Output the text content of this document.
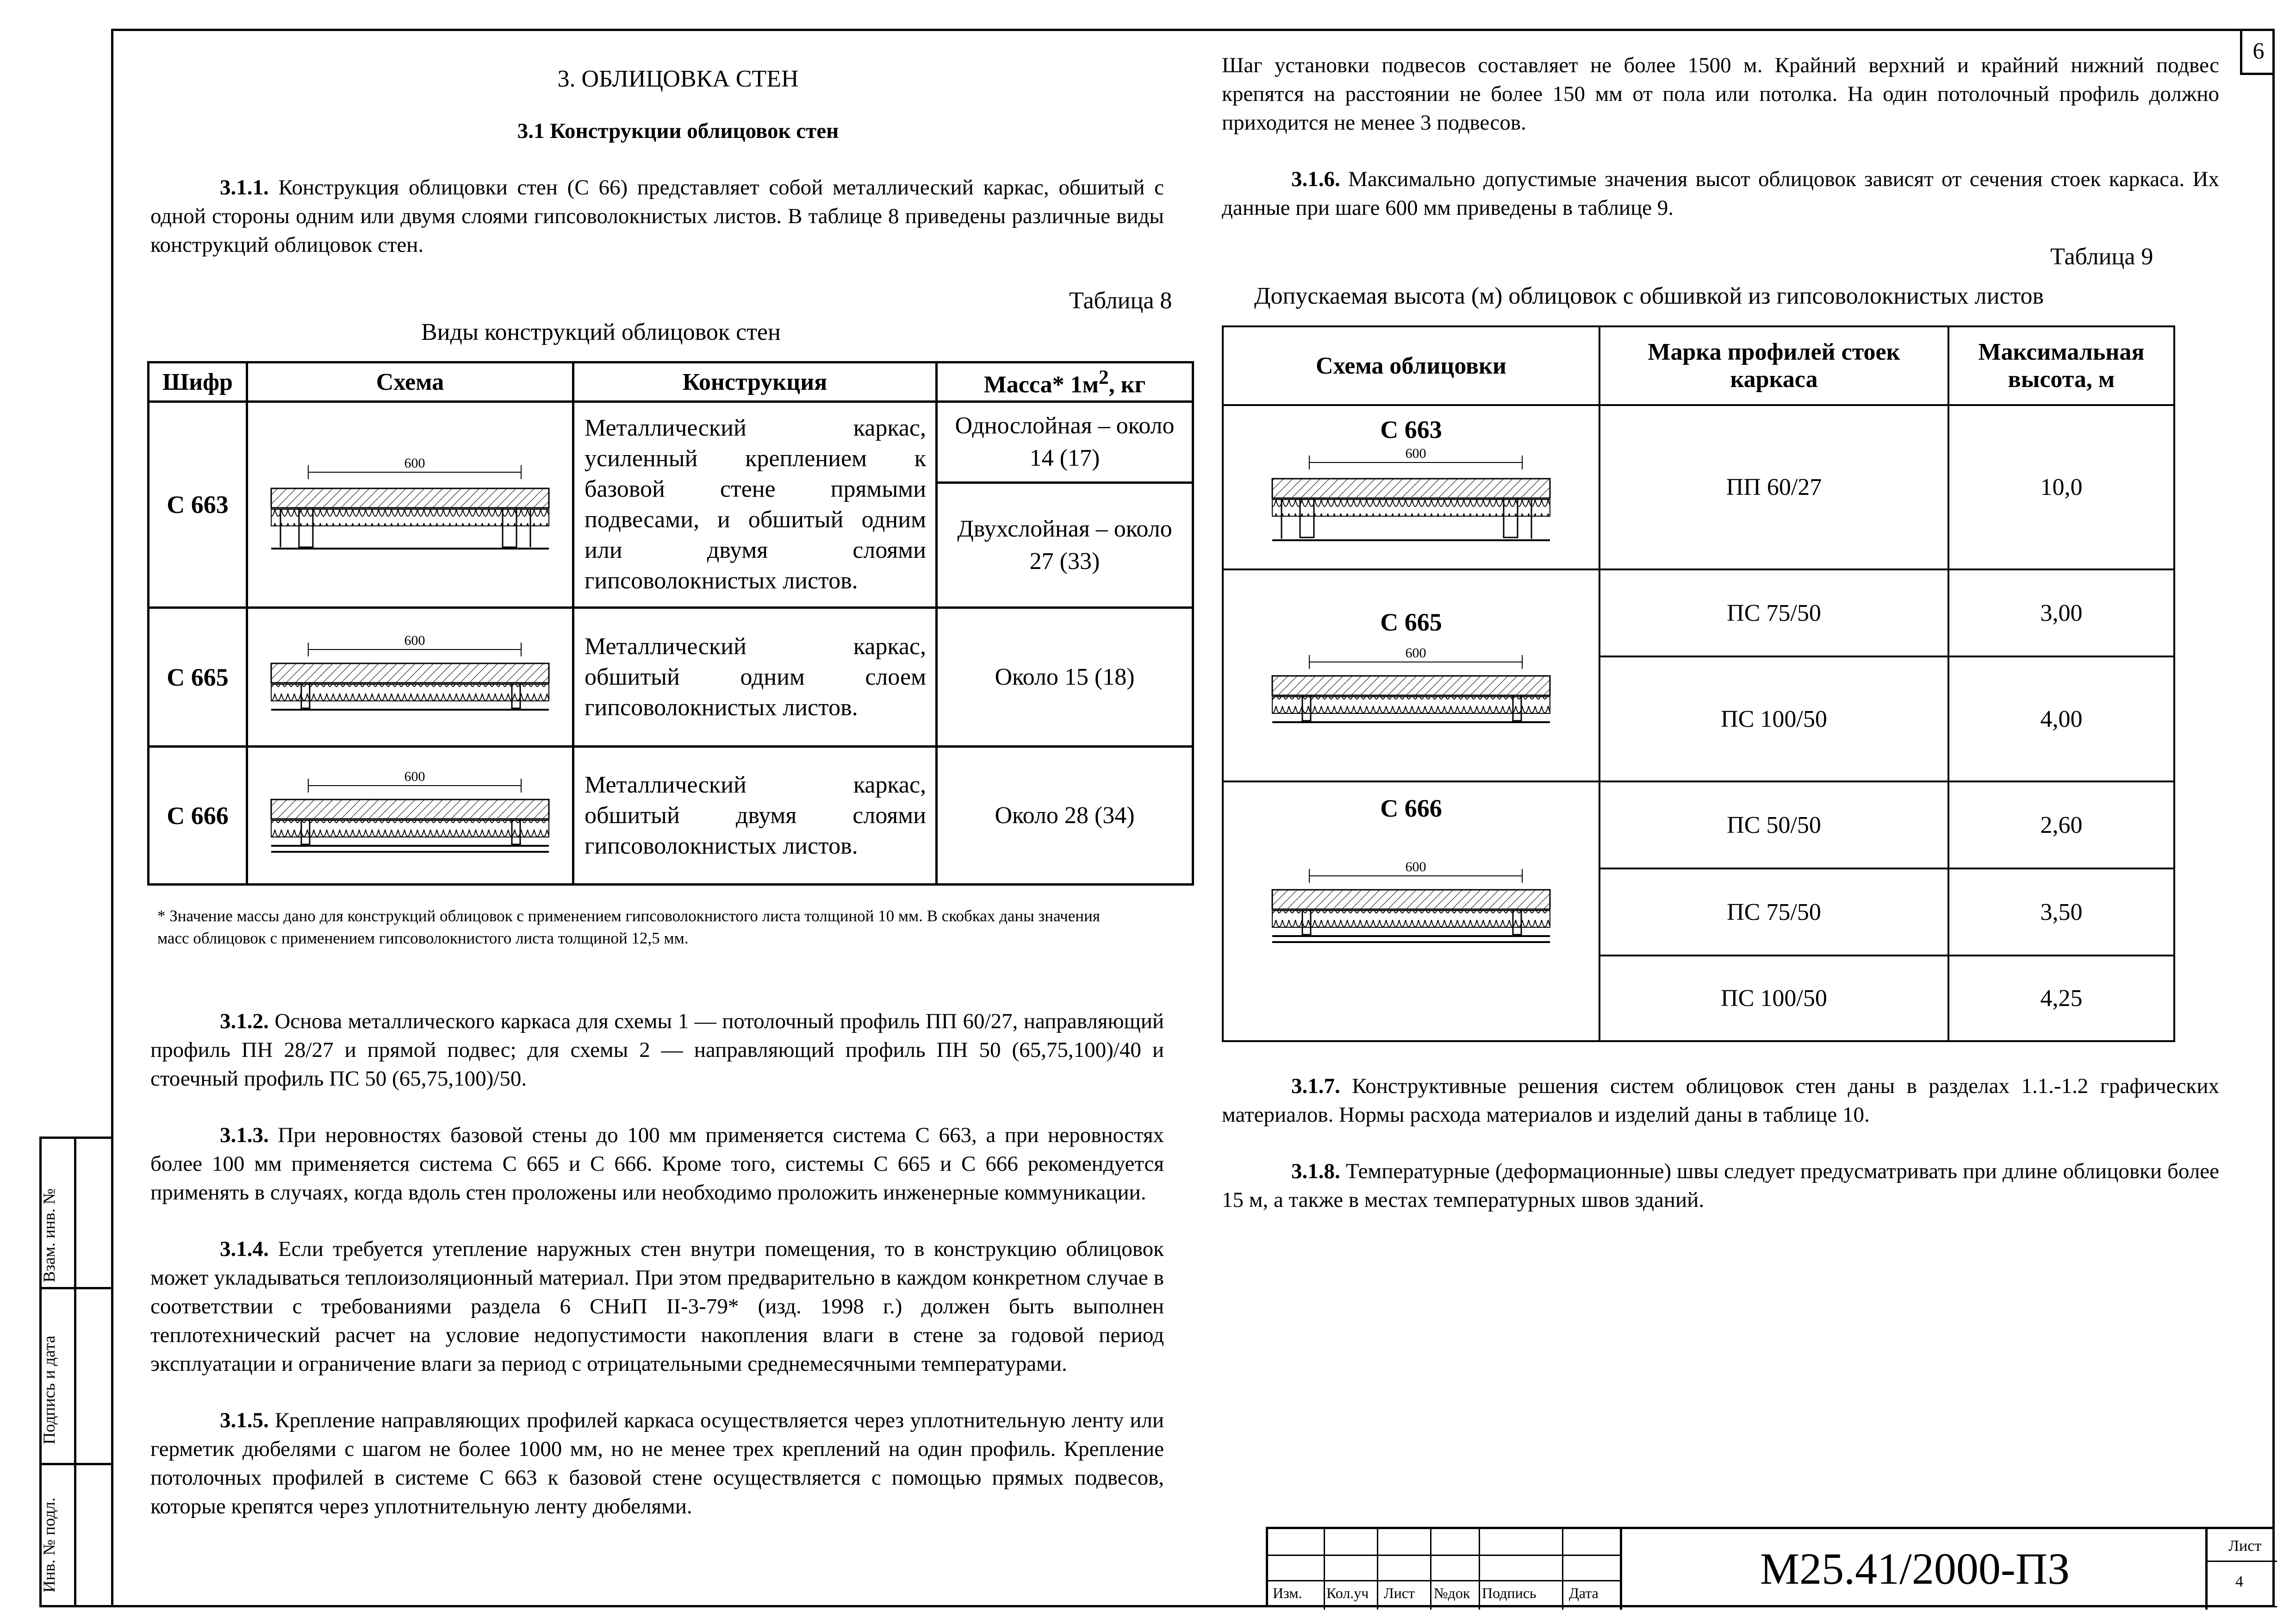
6
Взам. инв. №
Подпись и дата
Инв. № подл.
3. ОБЛИЦОВКА СТЕН
3.1 Конструкции облицовок стен

3.1.1. Конструкция облицовки стен (С 66) представляет собой металлический каркас, обшитый с одной стороны одним или двумя слоями гипсоволокнистых листов. В таблице 8 приведены различные виды конструкций облицовок стен.

Таблица 8
Виды конструкций облицовок стен
Шифр	Схема	Конструкция	Масса* $1м^2$, кг
С 663	600	Металлический каркас, усиленный креплением к базовой стене прямыми подвесами, и обшитый одним или двумя слоями гипсоволокнистых листов.	Однослойная – около 14 (17)
			Двухслойная – около 27 (33)
С 665	600	Металлический каркас, обшитый одним слоем гипсоволокнистых листов.	Около 15 (18)
С 666	600	Металлический каркас, обшитый двумя слоями гипсоволокнистых листов.	Около 28 (34)
* Значение массы дано для конструкций облицовок с применением гипсоволокнистого листа толщиной 10 мм. В скобках даны значения масс облицовок с применением гипсоволокнистого листа толщиной 12,5 мм.

3.1.2. Основа металлического каркаса для схемы 1 — потолочный профиль ПП 60/27, направляющий профиль ПН 28/27 и прямой подвес; для схемы 2 — направляющий профиль ПН 50 (65,75,100)/40 и стоечный профиль ПС 50 (65,75,100)/50.

3.1.3. При неровностях базовой стены до 100 мм применяется система С 663, а при неровностях более 100 мм применяется система С 665 и С 666. Кроме того, системы С 665 и С 666 рекомендуется применять в случаях, когда вдоль стен проложены или необходимо проложить инженерные коммуникации.

3.1.4. Если требуется утепление наружных стен внутри помещения, то в конструкцию облицовок может укладываться теплоизоляционный материал. При этом предварительно в каждом конкретном случае в соответствии с требованиями раздела 6 СНиП II-3-79* (изд. 1998 г.) должен быть выполнен теплотехнический расчет на условие недопустимости накопления влаги в стене за годовой период эксплуатации и ограничение влаги за период с отрицательными среднемесячными температурами.

3.1.5. Крепление направляющих профилей каркаса осуществляется через уплотнительную ленту или герметик дюбелями с шагом не более 1000 мм, но не менее трех креплений на один профиль. Крепление потолочных профилей в системе С 663 к базовой стене осуществляется с помощью прямых подвесов, которые крепятся через уплотнительную ленту дюбелями.

Шаг установки подвесов составляет не более 1500 м. Крайний верхний и крайний нижний подвес крепятся на расстоянии не более 150 мм от пола или потолка. На один потолочный профиль должно приходится не менее 3 подвесов.

3.1.6. Максимально допустимые значения высот облицовок зависят от сечения стоек каркаса. Их данные при шаге 600 мм приведены в таблице 9.

Таблица 9
Допускаемая высота (м) облицовок с обшивкой из гипсоволокнистых листов
Схема облицовки	Марка профилей стоек каркаса	Максимальная высота, м

С 663
600	ПП 60/27	10,0

С 665
600	ПС 75/50	3,00
	ПС 100/50	4,00

С 666
600	ПС 50/50	2,60
	ПС 75/50	3,50
	ПС 100/50	4,25

3.1.7. Конструктивные решения систем облицовок стен даны в разделах 1.1.-1.2 графических материалов. Нормы расхода материалов и изделий даны в таблице 10.

3.1.8. Температурные (деформационные) швы следует предусматривать при длине облицовки более 15 м, а также в местах температурных швов зданий.

Изм. Кол.уч Лист №док Подпись Дата	М25.41/2000-ПЗ	Лист
4
